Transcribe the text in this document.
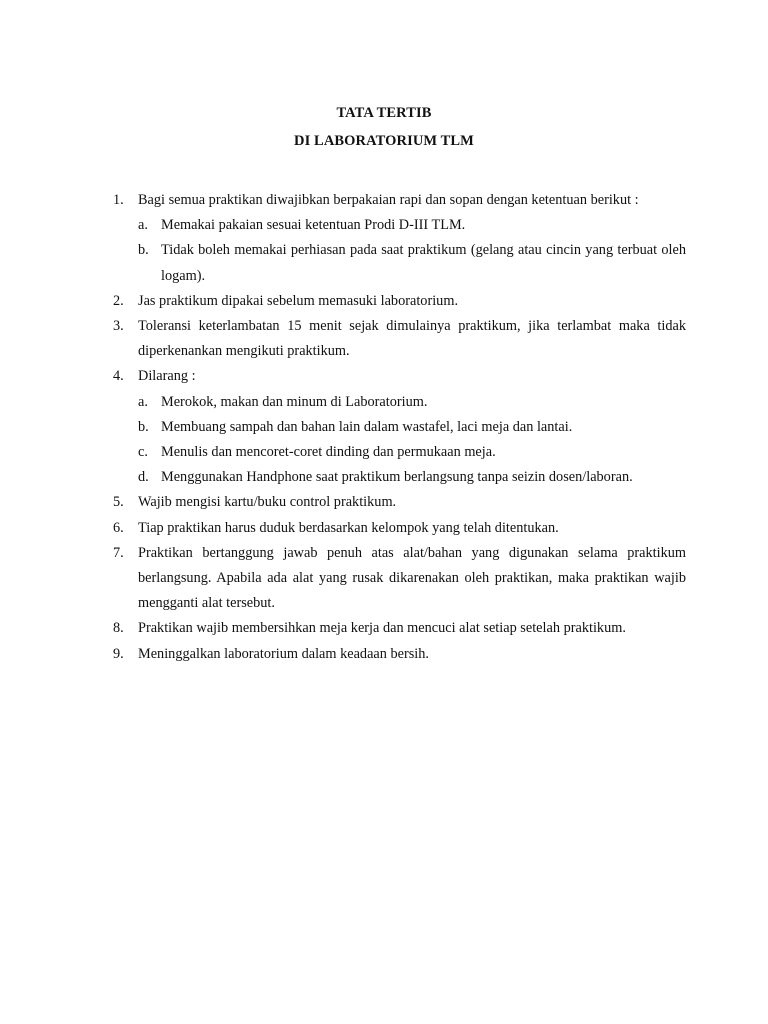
TATA TERTIB
DI LABORATORIUM TLM
1. Bagi semua praktikan diwajibkan berpakaian rapi dan sopan dengan ketentuan berikut :
a. Memakai pakaian sesuai ketentuan Prodi D-III TLM.
b. Tidak boleh memakai perhiasan pada saat praktikum (gelang atau cincin yang terbuat oleh logam).
2. Jas praktikum dipakai sebelum memasuki laboratorium.
3. Toleransi keterlambatan 15 menit sejak dimulainya praktikum, jika terlambat maka tidak diperkenankan mengikuti praktikum.
4. Dilarang :
a. Merokok, makan dan minum di Laboratorium.
b. Membuang sampah dan bahan lain dalam wastafel, laci meja dan lantai.
c. Menulis dan mencoret-coret dinding dan permukaan meja.
d. Menggunakan Handphone saat praktikum berlangsung tanpa seizin dosen/laboran.
5. Wajib mengisi kartu/buku control praktikum.
6. Tiap praktikan harus duduk berdasarkan kelompok yang telah ditentukan.
7. Praktikan bertanggung jawab penuh atas alat/bahan yang digunakan selama praktikum berlangsung. Apabila ada alat yang rusak dikarenakan oleh praktikan, maka praktikan wajib mengganti alat tersebut.
8. Praktikan wajib membersihkan meja kerja dan mencuci alat setiap setelah praktikum.
9. Meninggalkan laboratorium dalam keadaan bersih.
